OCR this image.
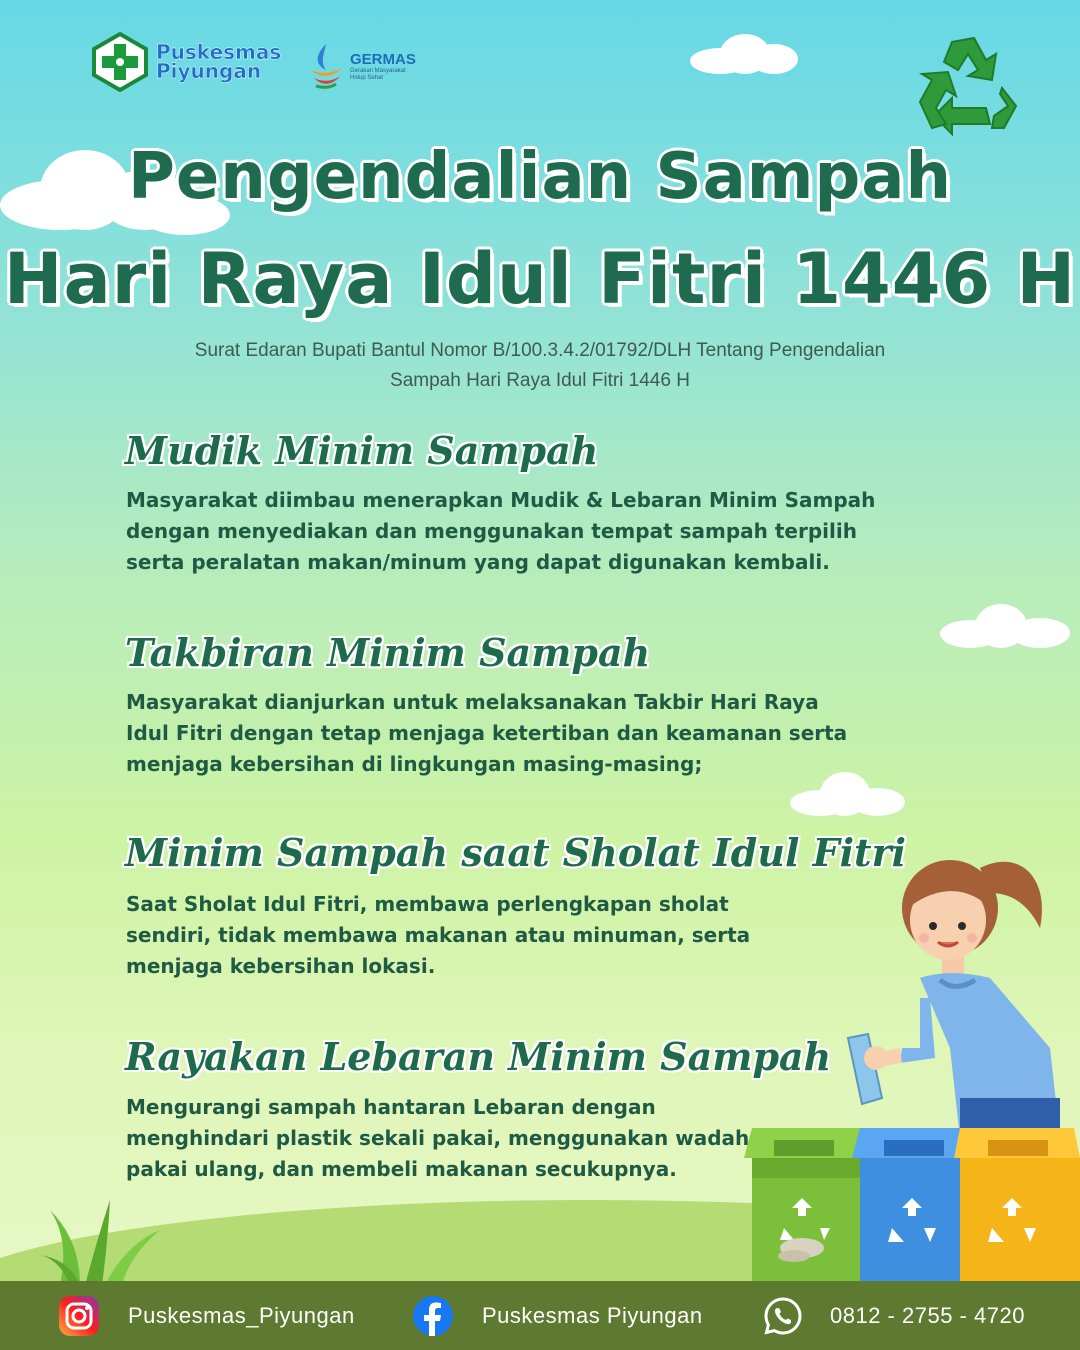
Puskesmas
Piyungan	GERMAS
Gerakan Masyarakat
Hidup Sehat
Pengendalian Sampah
Hari Raya Idul Fitri 1446 H
Surat Edaran Bupati Bantul Nomor B/100.3.4.2/01792/DLH Tentang Pengendalian
Sampah Hari Raya Idul Fitri 1446 H
Mudik Minim Sampah
Masyarakat diimbau menerapkan Mudik & Lebaran Minim Sampah
dengan menyediakan dan menggunakan tempat sampah terpilih
serta peralatan makan/minum yang dapat digunakan kembali.
Takbiran Minim Sampah
Masyarakat dianjurkan untuk melaksanakan Takbir Hari Raya
Idul Fitri dengan tetap menjaga ketertiban dan keamanan serta
menjaga kebersihan di lingkungan masing-masing;
Minim Sampah saat Sholat Idul Fitri
Saat Sholat Idul Fitri, membawa perlengkapan sholat
sendiri, tidak membawa makanan atau minuman, serta
menjaga kebersihan lokasi.
Rayakan Lebaran Minim Sampah
Mengurangi sampah hantaran Lebaran dengan
menghindari plastik sekali pakai, menggunakan wadah
pakai ulang, dan membeli makanan secukupnya.
Puskesmas_Piyungan	Puskesmas Piyungan	0812 - 2755 - 4720
